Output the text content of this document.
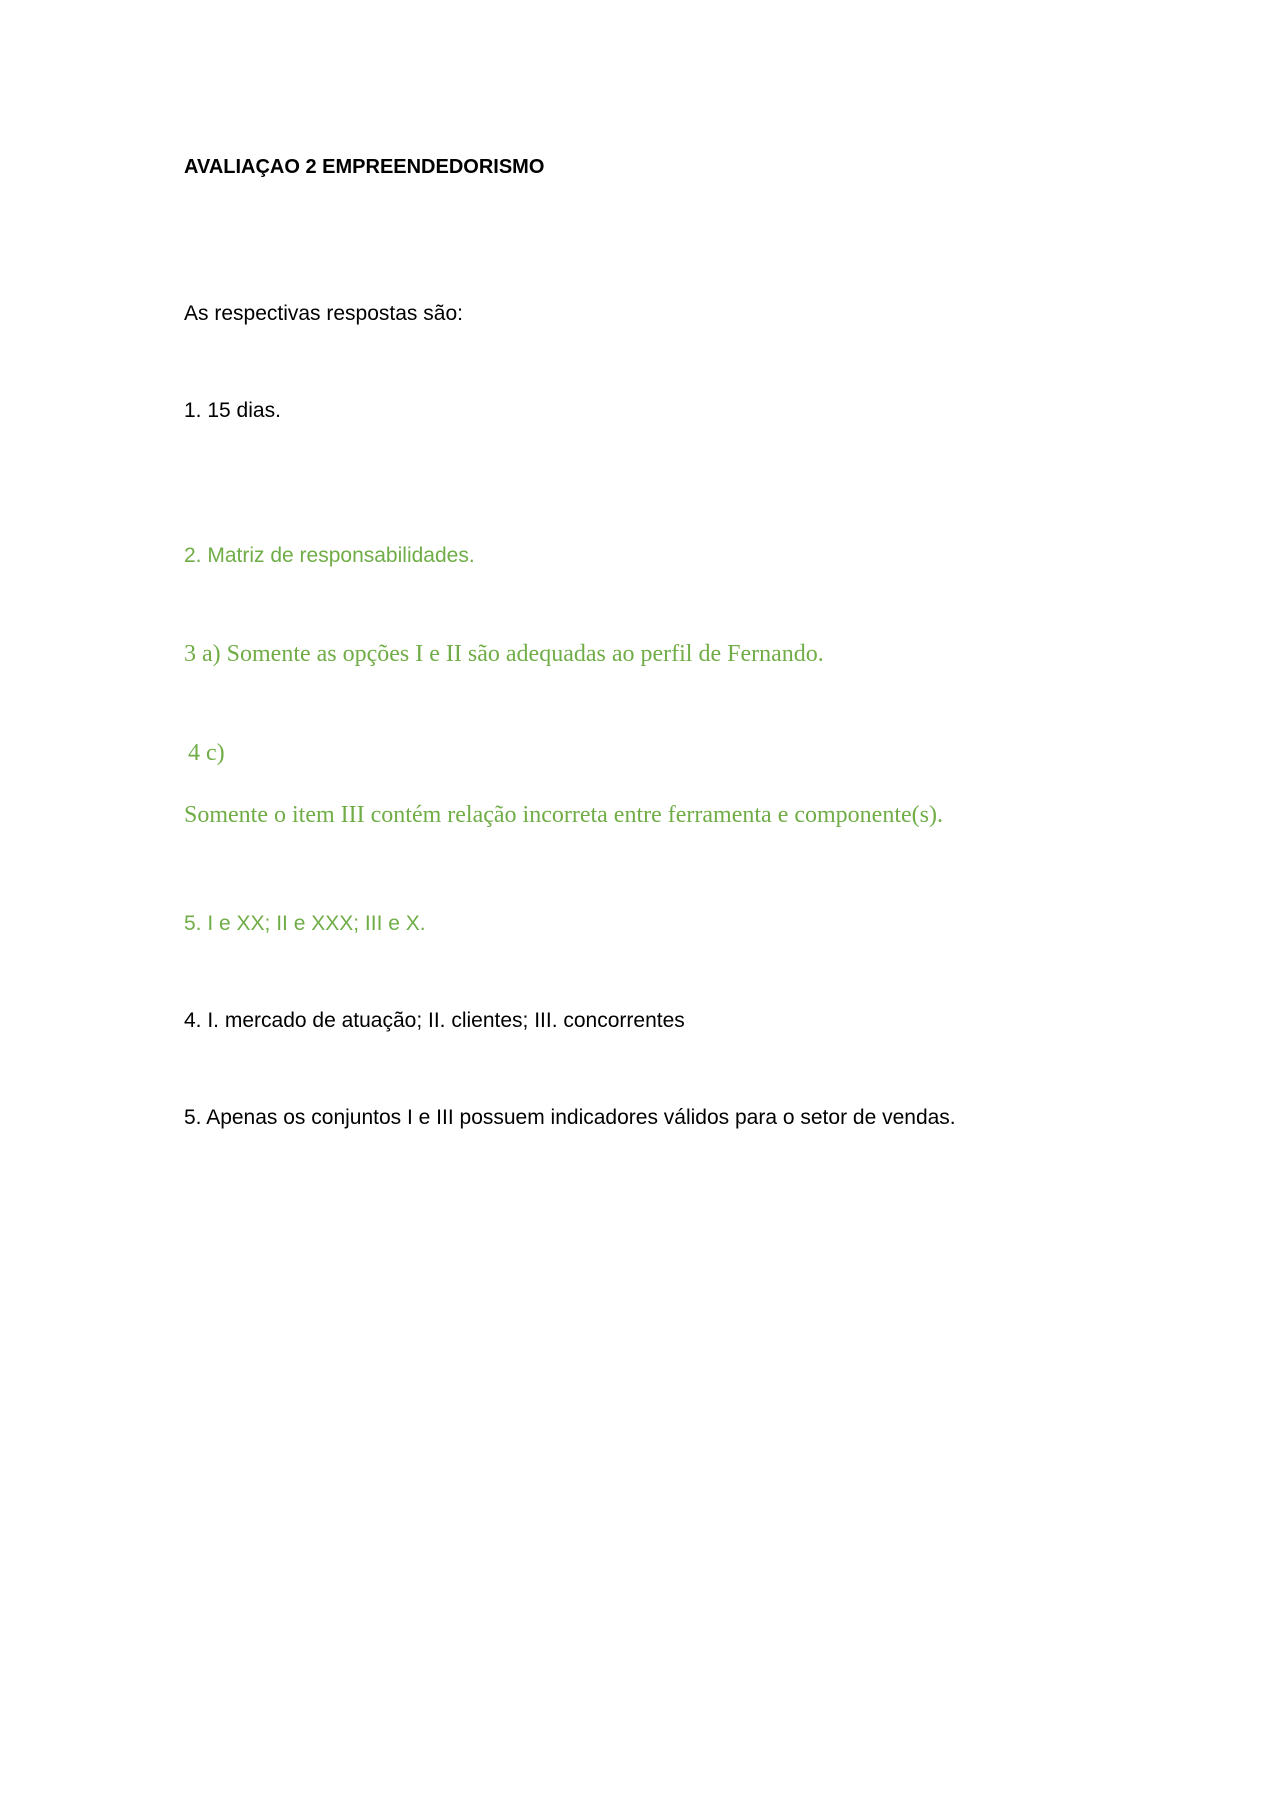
AVALIAÇAO 2 EMPREENDEDORISMO

As respectivas respostas são:

1. 15 dias.

2. Matriz de responsabilidades.

3 a) Somente as opções I e II são adequadas ao perfil de Fernando.

4 c)

Somente o item III contém relação incorreta entre ferramenta e componente(s).

5. I e XX; II e XXX; III e X.

4. I. mercado de atuação; II. clientes; III. concorrentes

5. Apenas os conjuntos I e III possuem indicadores válidos para o setor de vendas.
